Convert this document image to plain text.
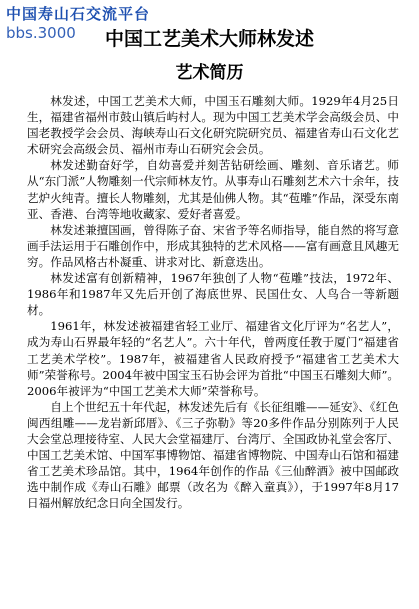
中国寿山石交流平台
bbs.3000	中国工艺美术大师林发述
艺术简历

林发述，中国工艺美术大师，中国玉石雕刻大师。1929年4月25日生，福建省福州市鼓山镇后屿村人。现为中国工艺美术学会高级会员、中国老教授学会会员、海峡寿山石文化研究院研究员、福建省寿山石文化艺术研究会高级会员、福州市寿山石研究会会员。

林发述勤奋好学，自幼喜爱并刻苦钻研绘画、雕刻、音乐诸艺。师从“东门派”人物雕刻一代宗师林友竹。从事寿山石雕刻艺术六十余年，技艺炉火纯青。擅长人物雕刻，尤其是仙佛人物。其“苞雕”作品，深受东南亚、香港、台湾等地收藏家、爱好者喜爱。

林发述兼擅国画，曾得陈子奋、宋省予等名师指导，能自然的将写意画手法运用于石雕创作中，形成其独特的艺术风格——富有画意且风趣无穷。作品风格古朴凝重、讲求对比、新意迭出。

林发述富有创新精神，1967年独创了人物“苞雕”技法，1972年、1986年和1987年又先后开创了海底世界、民国仕女、人鸟合一等新题材。

1961年，林发述被福建省轻工业厅、福建省文化厅评为“名艺人”，成为寿山石界最年轻的“名艺人”。六十年代，曾两度任教于厦门“福建省工艺美术学校”。1987年，被福建省人民政府授予“福建省工艺美术大师”荣誉称号。2004年被中国宝玉石协会评为首批“中国玉石雕刻大师”。2006年被评为“中国工艺美术大师”荣誉称号。

自上个世纪五十年代起，林发述先后有《长征组雕——延安》、《红色闽西组雕——龙岩新邱厝》、《三子弥勒》等20多件作品分别陈列于人民大会堂总理接待室、人民大会堂福建厅、台湾厅、全国政协礼堂会客厅、中国工艺美术馆、中国军事博物馆、福建省博物院、中国寿山石馆和福建省工艺美术珍品馆。其中，1964年创作的作品《三仙醉酒》被中国邮政选中制作成《寿山石雕》邮票（改名为《醉入童真》），于1997年8月17日福州解放纪念日向全国发行。
